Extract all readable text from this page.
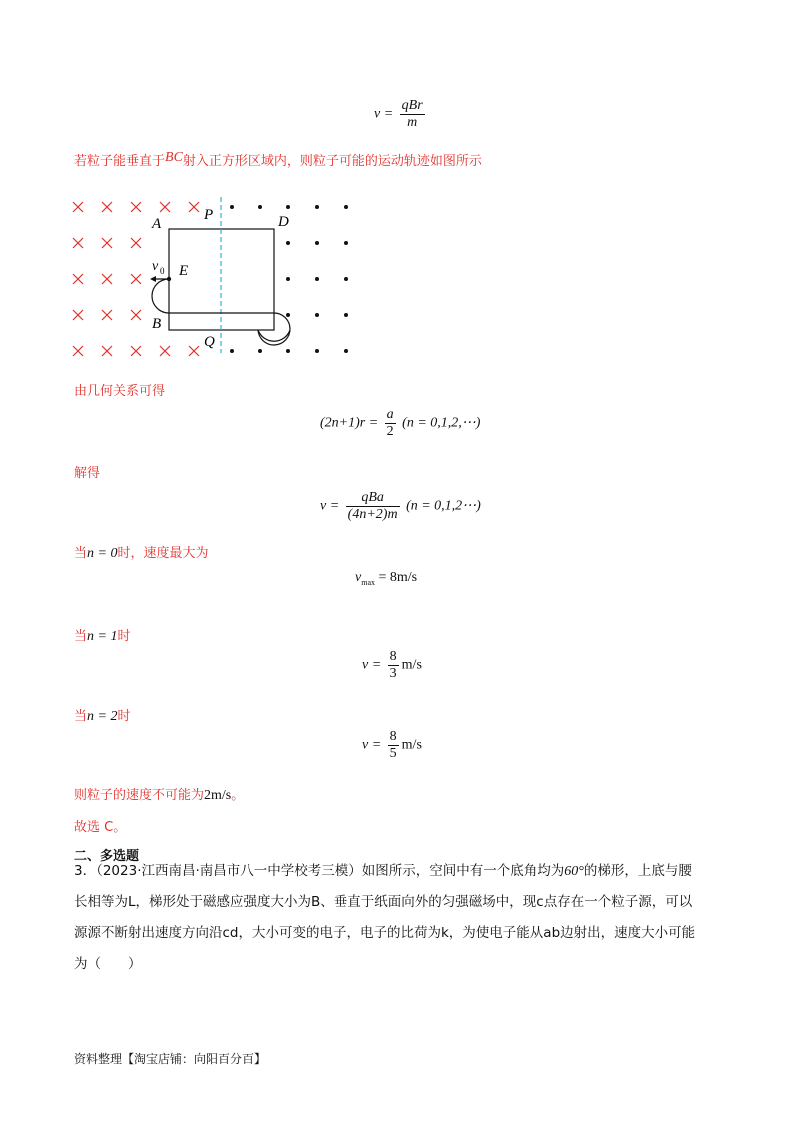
$v = \frac{\text{qBr}}{m}$
若粒子能垂直于BC射入正方形区域内，则粒子可能的运动轨迹如图所示
A
P	D
E
B
Q
v 0
由几何关系可得
$(2n+1)r = \frac{a}{2} (n$ = 0,1,2,⋯)
解得
$v = \frac{\text{qBa}}{(4n+2)m} (n$ = 0,1,2⋯)
当n = 0时，速度最大为
$v_{max} = 8m/s$
当n = 1时
$v = \frac{8}{3} m/s$
当n = 2时
$v = \frac{8}{5} m/s$
则粒子的速度不可能为2m/s。
故选 C。
二、多选题
3．（2023·江西南昌·南昌市八一中学校考三模）如图所示，空间中有一个底角均为60°的梯形，上底与腰
长相等为L，梯形处于磁感应强度大小为B、垂直于纸面向外的匀强磁场中，现c点存在一个粒子源，可以
源源不断射出速度方向沿cd，大小可变的电子，电子的比荷为k，为使电子能从ab边射出，速度大小可能
为（　　）
资料整理【淘宝店铺：向阳百分百】
